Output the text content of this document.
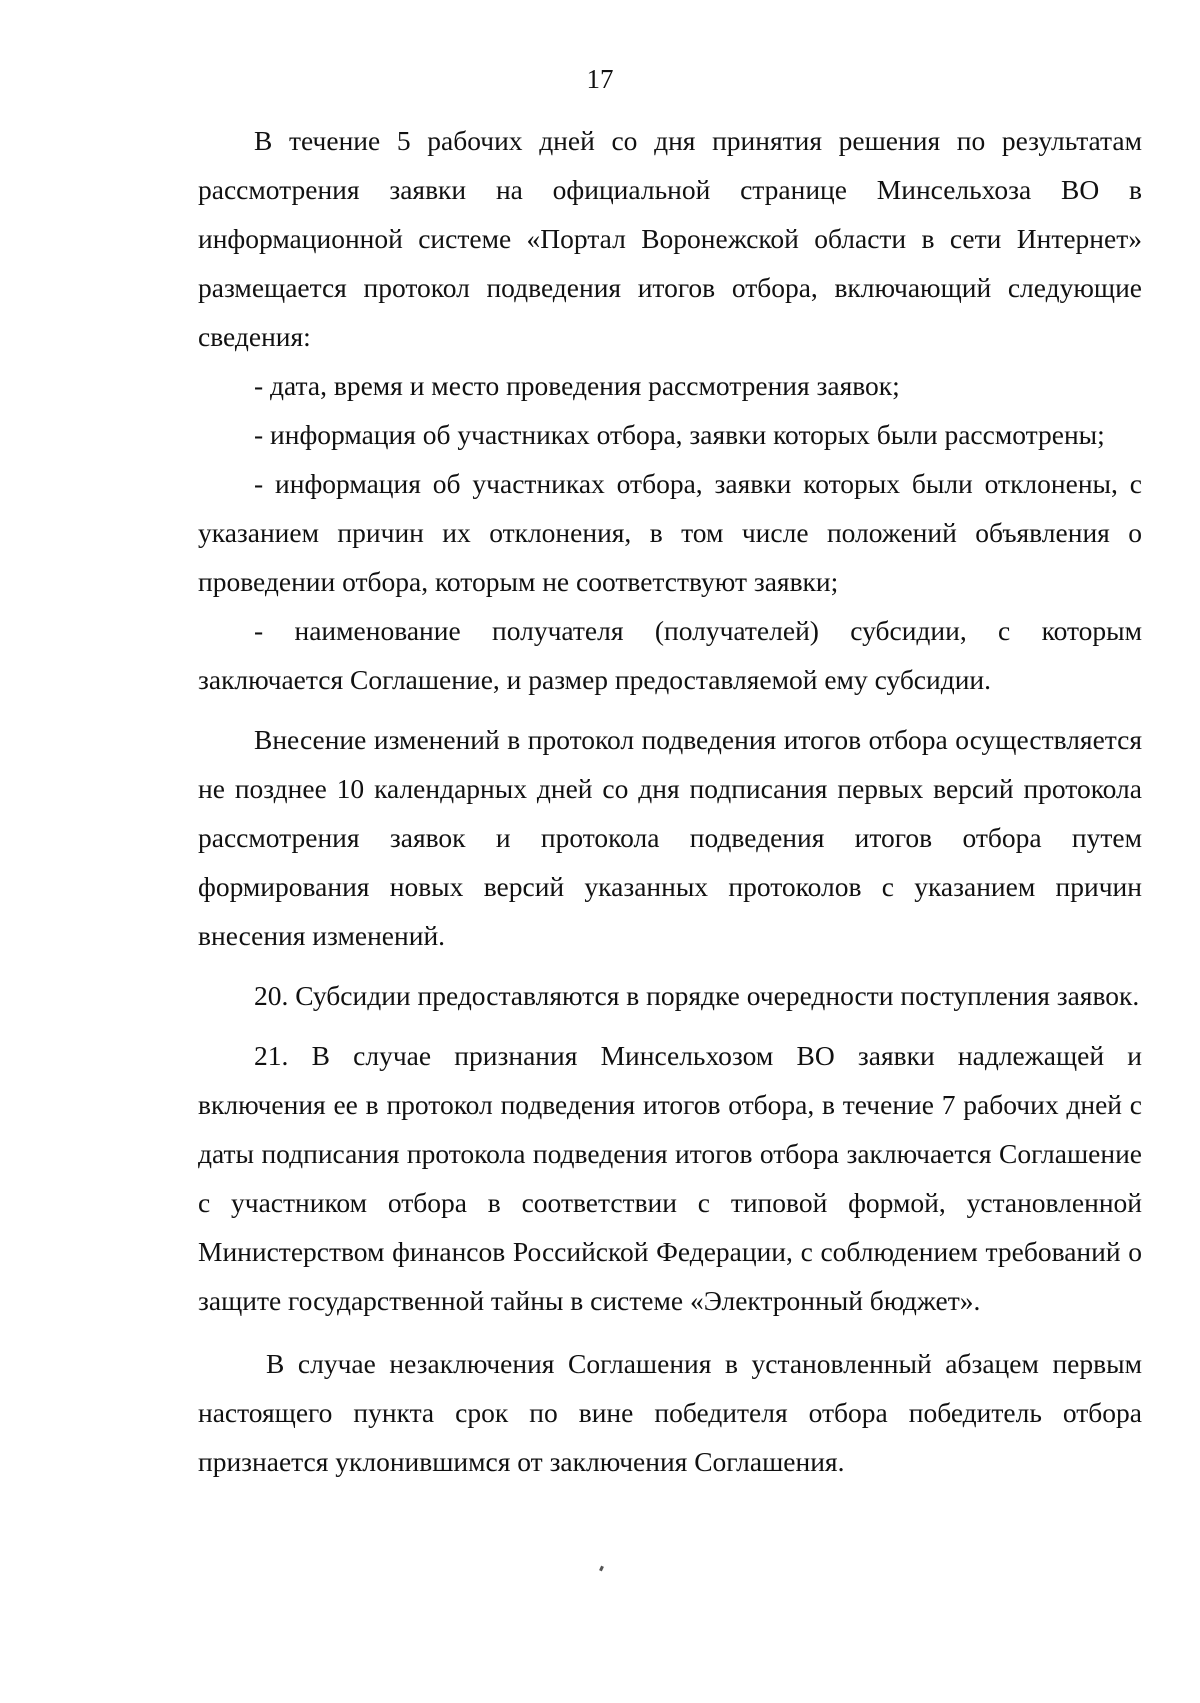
17

В течение 5 рабочих дней со дня принятия решения по результатам рассмотрения заявки на официальной странице Минсельхоза ВО в информационной системе «Портал Воронежской области в сети Интернет» размещается протокол подведения итогов отбора, включающий следующие сведения:

- дата, время и место проведения рассмотрения заявок;

- информация об участниках отбора, заявки которых были рассмотрены;

- информация об участниках отбора, заявки которых были отклонены, с указанием причин их отклонения, в том числе положений объявления о проведении отбора, которым не соответствуют заявки;

- наименование получателя (получателей) субсидии, с которым заключается Соглашение, и размер предоставляемой ему субсидии.

Внесение изменений в протокол подведения итогов отбора осуществляется не позднее 10 календарных дней со дня подписания первых версий протокола рассмотрения заявок и протокола подведения итогов отбора путем формирования новых версий указанных протоколов с указанием причин внесения изменений.

20. Субсидии предоставляются в порядке очередности поступления заявок.

21. В случае признания Минсельхозом ВО заявки надлежащей и включения ее в протокол подведения итогов отбора, в течение 7 рабочих дней с даты подписания протокола подведения итогов отбора заключается Соглашение с участником отбора в соответствии с типовой формой, установленной Министерством финансов Российской Федерации, с соблюдением требований о защите государственной тайны в системе «Электронный бюджет».

В случае незаключения Соглашения в установленный абзацем первым настоящего пункта срок по вине победителя отбора победитель отбора признается уклонившимся от заключения Соглашения.
